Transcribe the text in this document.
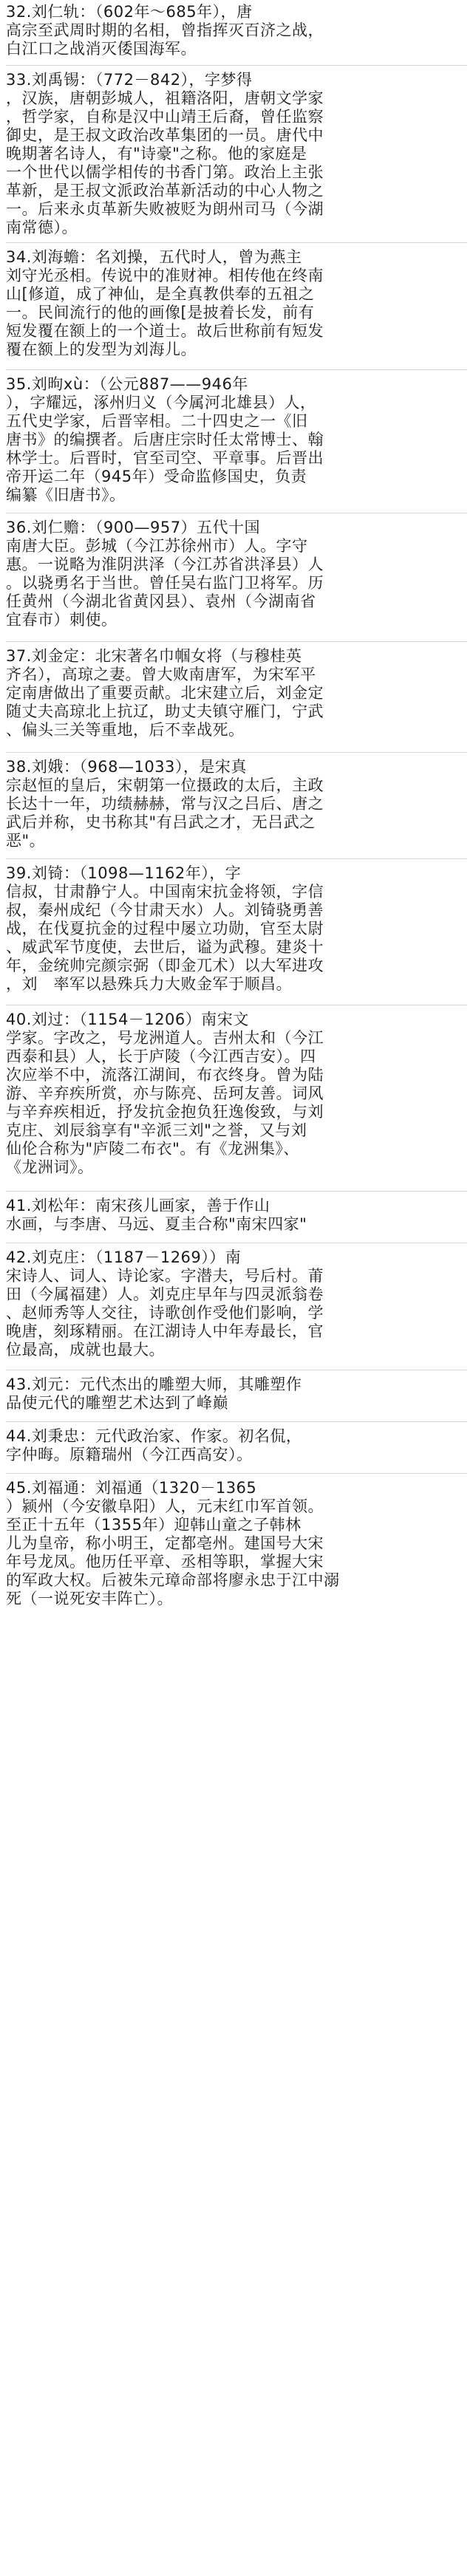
32.刘仁轨：（602年～685年），唐
高宗至武周时期的名相，曾指挥灭百济之战，
白江口之战消灭倭国海军。
33.刘禹锡：（772－842），字梦得
，汉族，唐朝彭城人，祖籍洛阳，唐朝文学家
，哲学家，自称是汉中山靖王后裔，曾任监察
御史，是王叔文政治改革集团的一员。唐代中
晚期著名诗人，有"诗豪"之称。他的家庭是
一个世代以儒学相传的书香门第。政治上主张
革新，是王叔文派政治革新活动的中心人物之
一。后来永贞革新失败被贬为朗州司马（今湖
南常德）。
34.刘海蟾：名刘操，五代时人，曾为燕主
刘守光丞相。传说中的准财神。相传他在终南
山[修道，成了神仙，是全真教供奉的五祖之
一。民间流行的他的画像[是披着长发，前有
短发覆在额上的一个道士。故后世称前有短发
覆在额上的发型为刘海儿。
35.刘昫xù：（公元887——946年
），字耀远，涿州归义（今属河北雄县）人，
五代史学家，后晋宰相。二十四史之一《旧
唐书》的编撰者。后唐庄宗时任太常博士、翰
林学士。后晋时，官至司空、平章事。后晋出
帝开运二年（945年）受命监修国史，负责
编纂《旧唐书》。
36.刘仁赡：（900—957）五代十国
南唐大臣。彭城（今江苏徐州市）人。字守
惠。一说略为淮阴洪泽（今江苏省洪泽县）人
。以骁勇名于当世。曾任吴右监门卫将军。历
任黄州（今湖北省黄冈县）、袁州（今湖南省
宜春市）刺使。
37.刘金定：北宋著名巾帼女将（与穆桂英
齐名），高琼之妻。曾大败南唐军，为宋军平
定南唐做出了重要贡献。北宋建立后，刘金定
随丈夫高琼北上抗辽，助丈夫镇守雁门，宁武
、偏头三关等重地，后不幸战死。
38.刘娥：（968—1033），是宋真
宗赵恒的皇后，宋朝第一位摄政的太后，主政
长达十一年，功绩赫赫，常与汉之吕后、唐之
武后并称，史书称其"有吕武之才，无吕武之
恶"。
39.刘锜：（1098—1162年），字
信叔，甘肃静宁人。中国南宋抗金将领，字信
叔，秦州成纪（今甘肃天水）人。刘锜骁勇善
战，在伐夏抗金的过程中屡立功勋，官至太尉
、威武军节度使，去世后，谥为武穆。建炎十
年，金统帅完颜宗弼（即金兀术）以大军进攻
，刘　率军以悬殊兵力大败金军于顺昌。
40.刘过：（1154－1206）南宋文
学家。字改之，号龙洲道人。吉州太和（今江
西泰和县）人，长于庐陵（今江西吉安）。四
次应举不中，流落江湖间，布衣终身。曾为陆
游、辛弃疾所赏，亦与陈亮、岳珂友善。词风
与辛弃疾相近，抒发抗金抱负狂逸俊致，与刘
克庄、刘辰翁享有"辛派三刘"之誉，又与刘
仙伦合称为"庐陵二布衣"。有《龙洲集》、
《龙洲词》。
41.刘松年：南宋孩儿画家，善于作山
水画，与李唐、马远、夏圭合称"南宋四家"
42.刘克庄：（1187－1269））南
宋诗人、词人、诗论家。字潜夫，号后村。莆
田（今属福建）人。刘克庄早年与四灵派翁卷
、赵师秀等人交往，诗歌创作受他们影响，学
晚唐，刻琢精丽。在江湖诗人中年寿最长，官
位最高，成就也最大。
43.刘元：元代杰出的雕塑大师，其雕塑作
品使元代的雕塑艺术达到了峰巅
44.刘秉忠：元代政治家、作家。初名侃，
字仲晦。原籍瑞州（今江西高安）。
45.刘福通：刘福通（1320－1365
）颍州（今安徽阜阳）人，元末红巾军首领。
至正十五年（1355年）迎韩山童之子韩林
儿为皇帝，称小明王，定都亳州。建国号大宋
年号龙凤。他历任平章、丞相等职，掌握大宋
的军政大权。后被朱元璋命部将廖永忠于江中溺
死（一说死安丰阵亡）。
